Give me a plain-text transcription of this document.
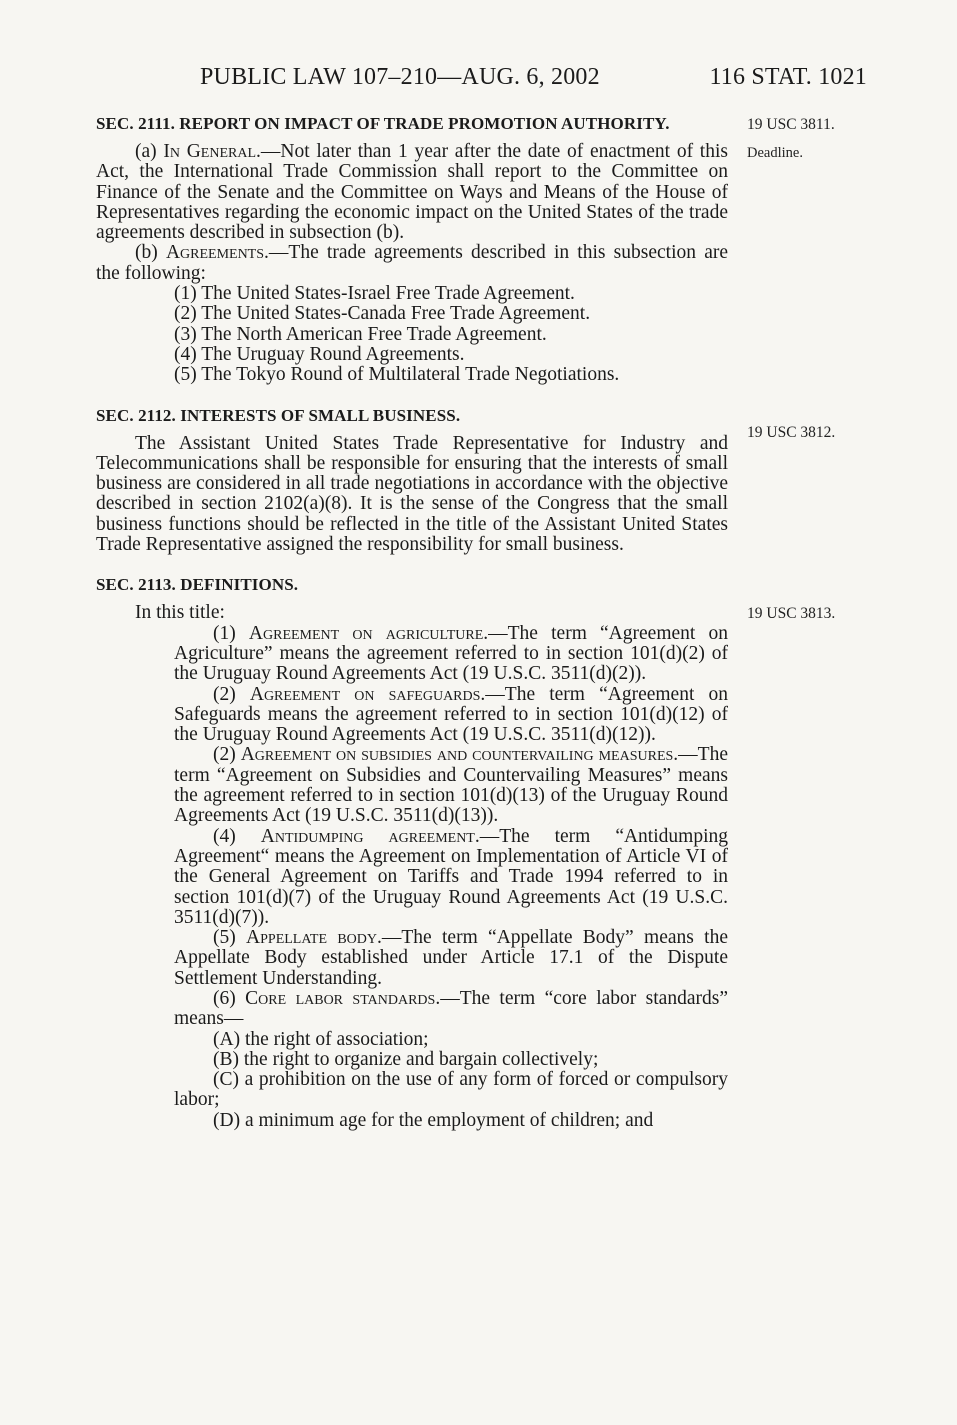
PUBLIC LAW 107–210—AUG. 6, 2002	116 STAT. 1021
19 USC 3811.
Deadline.
19 USC 3812.
19 USC 3813.

SEC. 2111. REPORT ON IMPACT OF TRADE PROMOTION AUTHORITY.

(a) In General.—Not later than 1 year after the date of enactment of this Act, the International Trade Commission shall report to the Committee on Finance of the Senate and the Committee on Ways and Means of the House of Representatives regarding the economic impact on the United States of the trade agreements described in subsection (b).

(b) Agreements.—The trade agreements described in this subsection are the following:

(1) The United States-Israel Free Trade Agreement.

(2) The United States-Canada Free Trade Agreement.

(3) The North American Free Trade Agreement.

(4) The Uruguay Round Agreements.

(5) The Tokyo Round of Multilateral Trade Negotiations.

SEC. 2112. INTERESTS OF SMALL BUSINESS.

The Assistant United States Trade Representative for Industry and Telecommunications shall be responsible for ensuring that the interests of small business are considered in all trade negotiations in accordance with the objective described in section 2102(a)(8). It is the sense of the Congress that the small business functions should be reflected in the title of the Assistant United States Trade Representative assigned the responsibility for small business.

SEC. 2113. DEFINITIONS.

In this title:

(1) Agreement on agriculture.—The term “Agreement on Agriculture” means the agreement referred to in section 101(d)(2) of the Uruguay Round Agreements Act (19 U.S.C. 3511(d)(2)).

(2) Agreement on safeguards.—The term “Agreement on Safeguards means the agreement referred to in section 101(d)(12) of the Uruguay Round Agreements Act (19 U.S.C. 3511(d)(12)).

(2) Agreement on subsidies and countervailing measures.—The term “Agreement on Subsidies and Countervailing Measures” means the agreement referred to in section 101(d)(13) of the Uruguay Round Agreements Act (19 U.S.C. 3511(d)(13)).

(4) Antidumping agreement.—The term “Antidumping Agreement“ means the Agreement on Implementation of Article VI of the General Agreement on Tariffs and Trade 1994 referred to in section 101(d)(7) of the Uruguay Round Agreements Act (19 U.S.C. 3511(d)(7)).

(5) Appellate body.—The term “Appellate Body” means the Appellate Body established under Article 17.1 of the Dispute Settlement Understanding.

(6) Core labor standards.—The term “core labor standards” means—

(A) the right of association;

(B) the right to organize and bargain collectively;

(C) a prohibition on the use of any form of forced or compulsory labor;

(D) a minimum age for the employment of children; and
